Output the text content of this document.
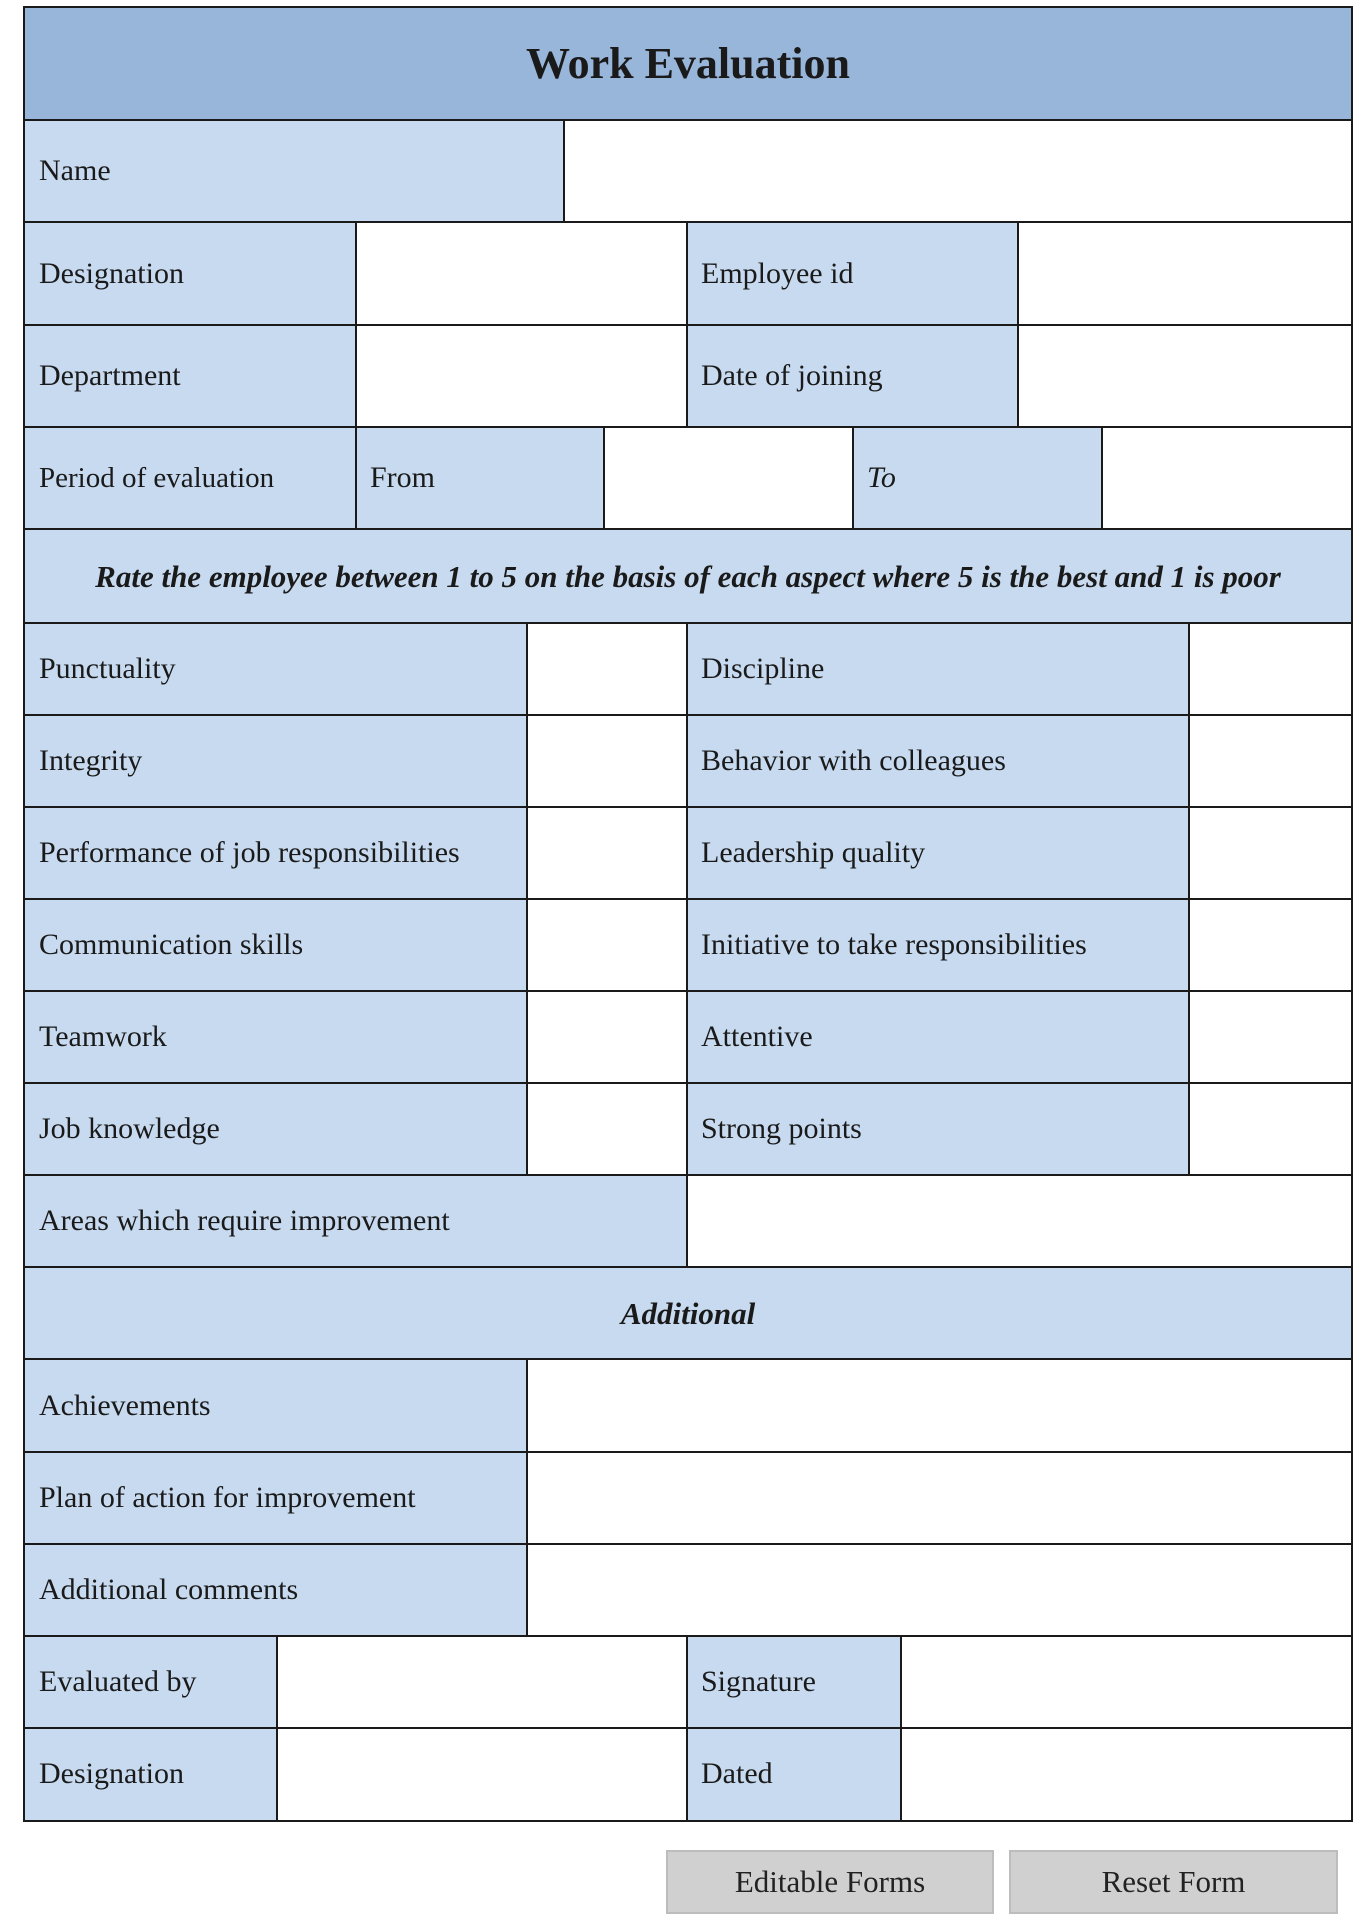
Work Evaluation
Name
Designation	Employee id
Department	Date of joining
Period of evaluation	From	To
Rate the employee between 1 to 5 on the basis of each aspect where 5 is the best and 1 is poor
Punctuality	Discipline
Integrity	Behavior with colleagues
Performance of job responsibilities	Leadership quality
Communication skills	Initiative to take responsibilities
Teamwork	Attentive
Job knowledge	Strong points
Areas which require improvement
Additional
Achievements
Plan of action for improvement
Additional comments
Evaluated by	Signature
Designation	Dated
Editable Forms	Reset Form
